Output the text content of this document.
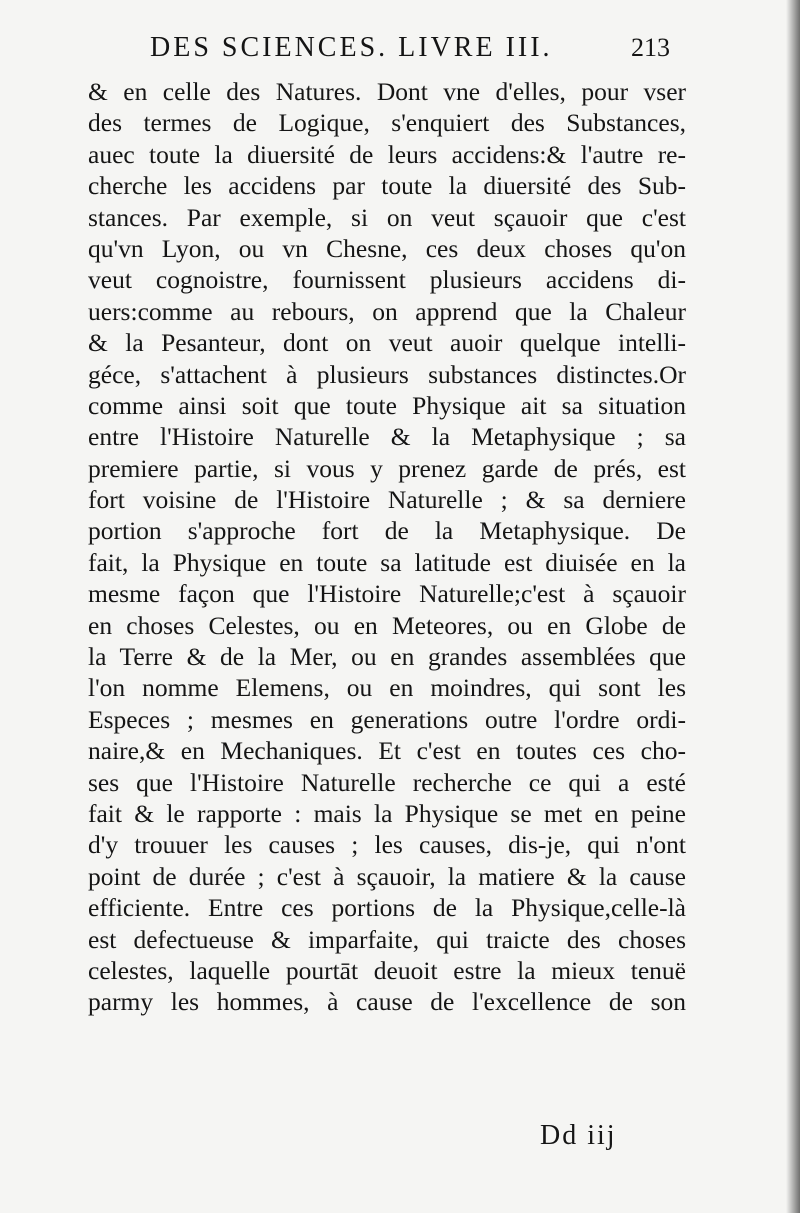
DES SCIENCES. LIVRE III.	213
& en celle des Natures. Dont vne d'elles, pour vser
des termes de Logique, s'enquiert des Substances,
auec toute la diuersité de leurs accidens:& l'autre re-
cherche les accidens par toute la diuersité des Sub-
stances. Par exemple, si on veut sçauoir que c'est
qu'vn Lyon, ou vn Chesne, ces deux choses qu'on
veut cognoistre, fournissent plusieurs accidens di-
uers:comme au rebours, on apprend que la Chaleur
& la Pesanteur, dont on veut auoir quelque intelli-
géce, s'attachent à plusieurs substances distinctes.Or
comme ainsi soit que toute Physique ait sa situation
entre l'Histoire Naturelle & la Metaphysique ; sa
premiere partie, si vous y prenez garde de prés, est
fort voisine de l'Histoire Naturelle ; & sa derniere
portion s'approche fort de la Metaphysique. De
fait, la Physique en toute sa latitude est diuisée en la
mesme façon que l'Histoire Naturelle;c'est à sçauoir
en choses Celestes, ou en Meteores, ou en Globe de
la Terre & de la Mer, ou en grandes assemblées que
l'on nomme Elemens, ou en moindres, qui sont les
Especes ; mesmes en generations outre l'ordre ordi-
naire,& en Mechaniques. Et c'est en toutes ces cho-
ses que l'Histoire Naturelle recherche ce qui a esté
fait & le rapporte : mais la Physique se met en peine
d'y trouuer les causes ; les causes, dis-je, qui n'ont
point de durée ; c'est à sçauoir, la matiere & la cause
efficiente. Entre ces portions de la Physique,celle-là
est defectueuse & imparfaite, qui traicte des choses
celestes, laquelle pourtāt deuoit estre la mieux tenuë
parmy les hommes, à cause de l'excellence de son
Dd iij
